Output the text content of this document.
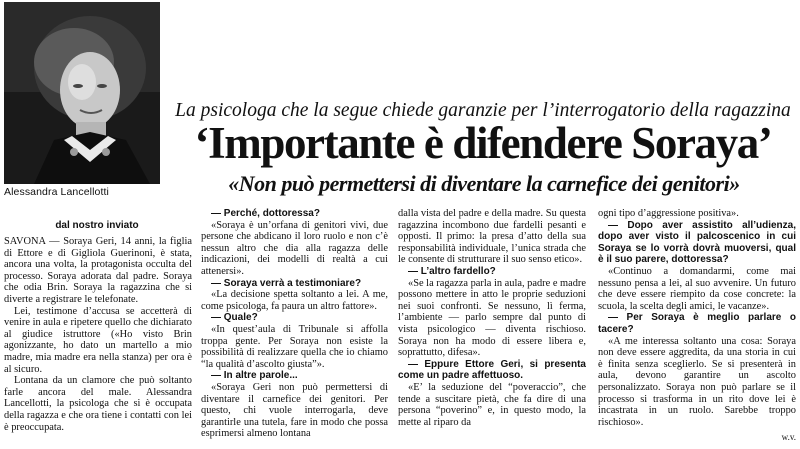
Alessandra Lancellotti
La psicologa che la segue chiede garanzie per l’interrogatorio della ragazzina
‘Importante è difendere Soraya’
«Non può permettersi di diventare la carnefice dei genitori»
dal nostro inviato

SAVONA — Soraya Geri, 14 anni, la figlia di Ettore e di Gigliola Guerinoni, è stata, ancora una volta, la protagonista occulta del processo. Soraya adorata dal padre. Soraya che odia Brin. Soraya la ragazzina che si diverte a registrare le telefonate.

Lei, testimone d’accusa se accetterà di venire in aula e ripetere quello che dichiarato al giudice istruttore («Ho visto Brin agonizzante, ho dato un martello a mio madre, mia madre era nella stanza) per ora è al sicuro.

Lontana da un clamore che può soltanto farle ancora del male. Alessandra Lancellotti, la psicologa che si è occupata della ragazza e che ora tiene i contatti con lei è preoccupata.

— Perché, dottoressa?

«Soraya è un’orfana di genitori vivi, due persone che abdicano il loro ruolo e non c’è nessun altro che dia alla ragazza delle indicazioni, dei modelli di realtà a cui attenersi».

— Soraya verrà a testimoniare?

«La decisione spetta soltanto a lei. A me, come psicologa, fa paura un altro fattore».

— Quale?

«In quest’aula di Tribunale si affolla troppa gente. Per Soraya non esiste la possibilità di realizzare quella che io chiamo “la qualità d’ascolto giusta”».

— In altre parole...

«Soraya Geri non può permettersi di diventare il carnefice dei genitori. Per questo, chi vuole interrogarla, deve garantirle una tutela, fare in modo che possa esprimersi almeno lontana

dalla vista del padre e della madre. Su questa ragazzina incombono due fardelli pesanti e opposti. Il primo: la presa d’atto della sua responsabilità individuale, l’unica strada che le consente di strutturare il suo senso etico».

— L’altro fardello?

«Se la ragazza parla in aula, padre e madre possono mettere in atto le proprie seduzioni nei suoi confronti. Se nessuno, lì ferma, l’ambiente — parlo sempre dal punto di vista psicologico — diventa rischioso. Soraya non ha modo di essere libera e, soprattutto, difesa».

— Eppure Ettore Geri, si presenta come un padre affettuoso.

«E’ la seduzione del “poveraccio”, che tende a suscitare pietà, che fa dire di una persona “poverino” e, in questo modo, la mette al riparo da

ogni tipo d’aggressione positiva».

— Dopo aver assistito all’udienza, dopo aver visto il palcoscenico in cui Soraya se lo vorrà dovrà muoversi, qual è il suo parere, dottoressa?

«Continuo a domandarmi, come mai nessuno pensa a lei, al suo avvenire. Un futuro che deve essere riempito da cose concrete: la scuola, la scelta degli amici, le vacanze».

— Per Soraya è meglio parlare o tacere?

«A me interessa soltanto una cosa: Soraya non deve essere aggredita, da una storia in cui è finita senza sceglierlo. Se si presenterà in aula, devono garantire un ascolto personalizzato. Soraya non può parlare se il processo si trasforma in un rito dove lei è incastrata in un ruolo. Sarebbe troppo rischioso».

w.v.
